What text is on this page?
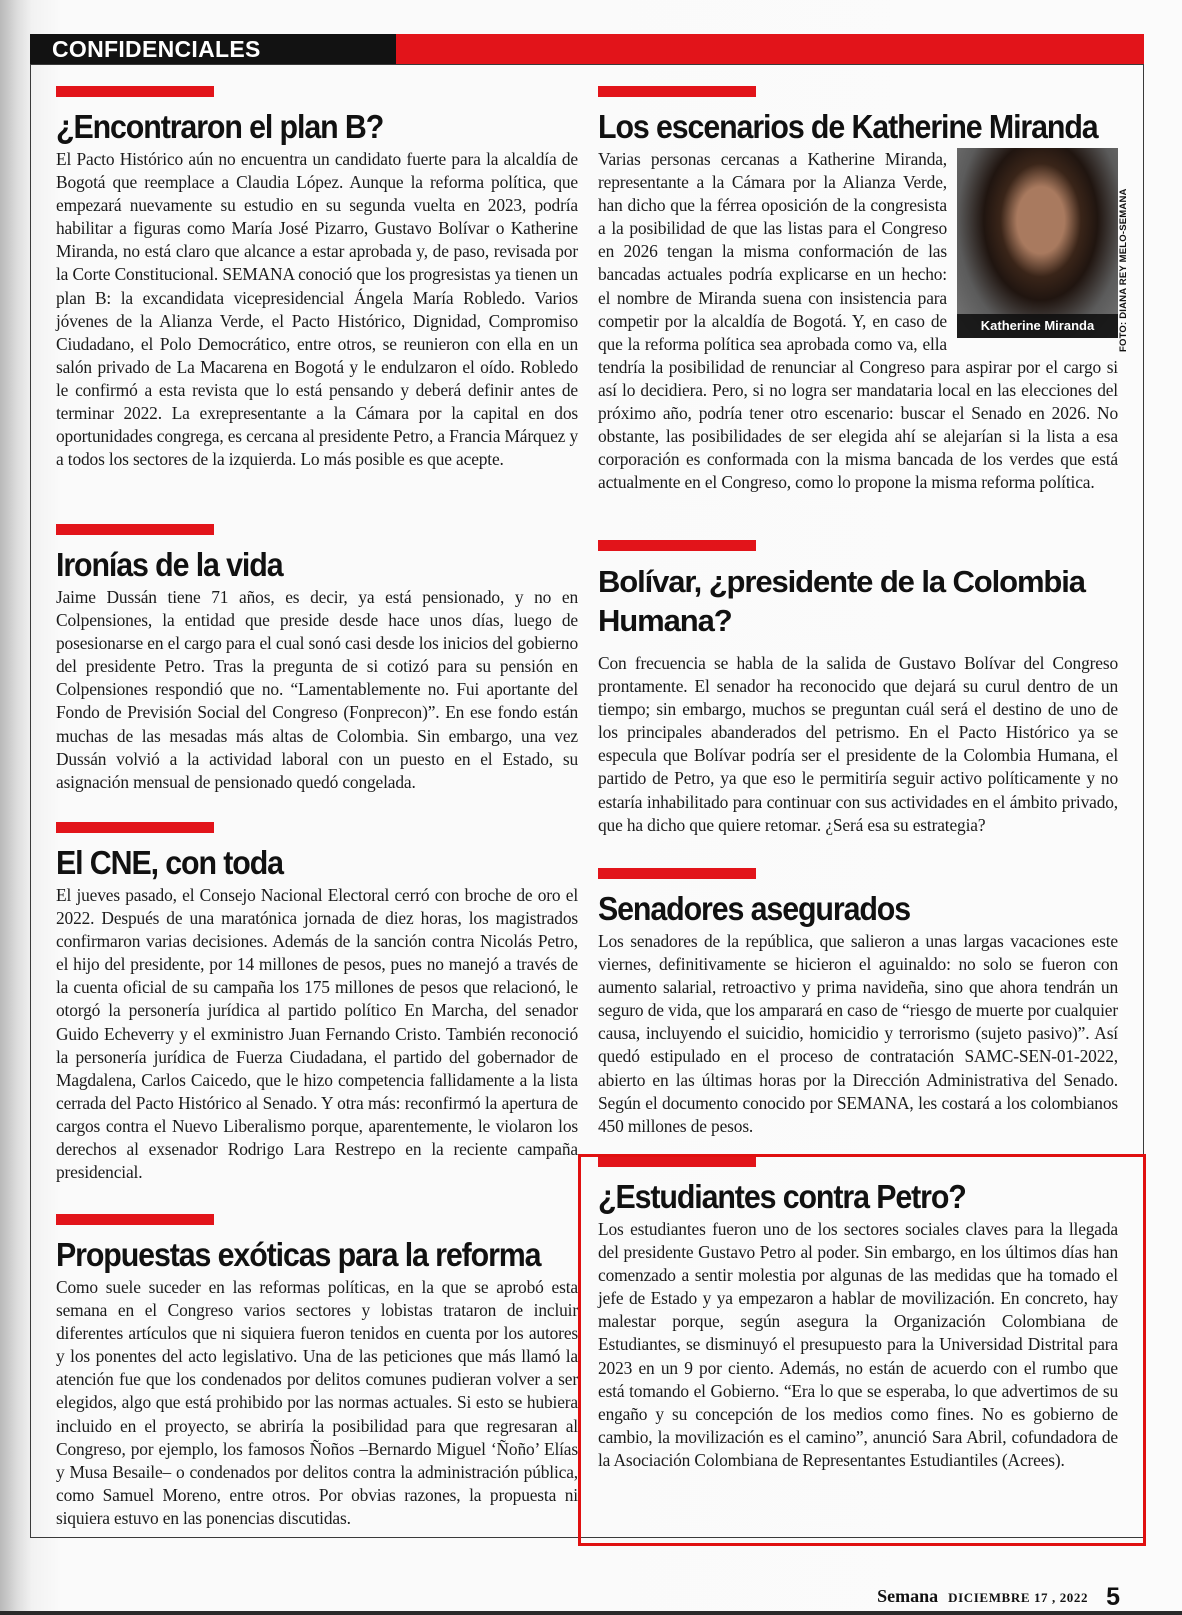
CONFIDENCIALES
¿Encontraron el plan B?

El Pacto Histórico aún no encuentra un candidato fuerte para la alcaldía de Bogotá que reemplace a Claudia López. Aunque la reforma política, que empezará nuevamente su estudio en su segunda vuelta en 2023, podría habilitar a figuras como María José Pizarro, Gustavo Bolívar o Katherine Miranda, no está claro que alcance a estar aprobada y, de paso, revisada por la Corte Constitucional. SEMANA conoció que los progresistas ya tienen un plan B: la excandidata vicepresidencial Ángela María Robledo. Varios jóvenes de la Alianza Verde, el Pacto Histórico, Dignidad, Compromiso Ciudadano, el Polo Democrático, entre otros, se reunieron con ella en un salón privado de La Macarena en Bogotá y le endulzaron el oído. Robledo le confirmó a esta revista que lo está pensando y deberá definir antes de terminar 2022. La exrepresentante a la Cámara por la capital en dos oportunidades congrega, es cercana al presidente Petro, a Francia Márquez y a todos los sectores de la izquierda. Lo más posible es que acepte.

Ironías de la vida

Jaime Dussán tiene 71 años, es decir, ya está pensionado, y no en Colpensiones, la entidad que preside desde hace unos días, luego de posesionarse en el cargo para el cual sonó casi desde los inicios del gobierno del presidente Petro. Tras la pregunta de si cotizó para su pensión en Colpensiones respondió que no. “Lamentablemente no. Fui aportante del Fondo de Previsión Social del Congreso (Fonprecon)”. En ese fondo están muchas de las mesadas más altas de Colombia. Sin embargo, una vez Dussán volvió a la actividad laboral con un puesto en el Estado, su asignación mensual de pensionado quedó congelada.

El CNE, con toda

El jueves pasado, el Consejo Nacional Electoral cerró con broche de oro el 2022. Después de una maratónica jornada de diez horas, los magistrados confirmaron varias decisiones. Además de la sanción contra Nicolás Petro, el hijo del presidente, por 14 millones de pesos, pues no manejó a través de la cuenta oficial de su campaña los 175 millones de pesos que relacionó, le otorgó la personería jurídica al partido político En Marcha, del senador Guido Echeverry y el exministro Juan Fernando Cristo. También reconoció la personería jurídica de Fuerza Ciudadana, el partido del gobernador de Magdalena, Carlos Caicedo, que le hizo competencia fallidamente a la lista cerrada del Pacto Histórico al Senado. Y otra más: reconfirmó la apertura de cargos contra el Nuevo Liberalismo porque, aparentemente, le violaron los derechos al exsenador Rodrigo Lara Restrepo en la reciente campaña presidencial.

Propuestas exóticas para la reforma

Como suele suceder en las reformas políticas, en la que se aprobó esta semana en el Congreso varios sectores y lobistas trataron de incluir diferentes artículos que ni siquiera fueron tenidos en cuenta por los autores y los ponentes del acto legislativo. Una de las peticiones que más llamó la atención fue que los condenados por delitos comunes pudieran volver a ser elegidos, algo que está prohibido por las normas actuales. Si esto se hubiera incluido en el proyecto, se abriría la posibilidad para que regresaran al Congreso, por ejemplo, los famosos Ñoños –Bernardo Miguel ‘Ñoño’ Elías y Musa Besaile– o condenados por delitos contra la administración pública, como Samuel Moreno, entre otros. Por obvias razones, la propuesta ni siquiera estuvo en las ponencias discutidas.

Los escenarios de Katherine Miranda
Katherine Miranda

Varias personas cercanas a Katherine Miranda, representante a la Cámara por la Alianza Verde, han dicho que la férrea oposición de la congresista a la posibilidad de que las listas para el Congreso en 2026 tengan la misma conformación de las bancadas actuales podría explicarse en un hecho: el nombre de Miranda suena con insistencia para competir por la alcaldía de Bogotá. Y, en caso de que la reforma política sea aprobada como va, ella tendría la posibilidad de renunciar al Congreso para aspirar por el cargo si así lo decidiera. Pero, si no logra ser mandataria local en las elecciones del próximo año, podría tener otro escenario: buscar el Senado en 2026. No obstante, las posibilidades de ser elegida ahí se alejarían si la lista a esa corporación es conformada con la misma bancada de los verdes que está actualmente en el Congreso, como lo propone la misma reforma política.

Bolívar, ¿presidente de la Colombia Humana?

Con frecuencia se habla de la salida de Gustavo Bolívar del Congreso prontamente. El senador ha reconocido que dejará su curul dentro de un tiempo; sin embargo, muchos se preguntan cuál será el destino de uno de los principales abanderados del petrismo. En el Pacto Histórico ya se especula que Bolívar podría ser el presidente de la Colombia Humana, el partido de Petro, ya que eso le permitiría seguir activo políticamente y no estaría inhabilitado para continuar con sus actividades en el ámbito privado, que ha dicho que quiere retomar. ¿Será esa su estrategia?

Senadores asegurados

Los senadores de la república, que salieron a unas largas vacaciones este viernes, definitivamente se hicieron el aguinaldo: no solo se fueron con aumento salarial, retroactivo y prima navideña, sino que ahora tendrán un seguro de vida, que los amparará en caso de “riesgo de muerte por cualquier causa, incluyendo el suicidio, homicidio y terrorismo (sujeto pasivo)”. Así quedó estipulado en el proceso de contratación SAMC-SEN-01-2022, abierto en las últimas horas por la Dirección Administrativa del Senado. Según el documento conocido por SEMANA, les costará a los colombianos 450 millones de pesos.

¿Estudiantes contra Petro?

Los estudiantes fueron uno de los sectores sociales claves para la llegada del presidente Gustavo Petro al poder. Sin embargo, en los últimos días han comenzado a sentir molestia por algunas de las medidas que ha tomado el jefe de Estado y ya empezaron a hablar de movilización. En concreto, hay malestar porque, según asegura la Organización Colombiana de Estudiantes, se disminuyó el presupuesto para la Universidad Distrital para 2023 en un 9 por ciento. Además, no están de acuerdo con el rumbo que está tomando el Gobierno. “Era lo que se esperaba, lo que advertimos de su engaño y su concepción de los medios como fines. No es gobierno de cambio, la movilización es el camino”, anunció Sara Abril, cofundadora de la Asociación Colombiana de Representantes Estudiantiles (Acrees).

FOTO: DIANA REY MELO-SEMANA
Semana DICIEMBRE 17 , 2022 5
